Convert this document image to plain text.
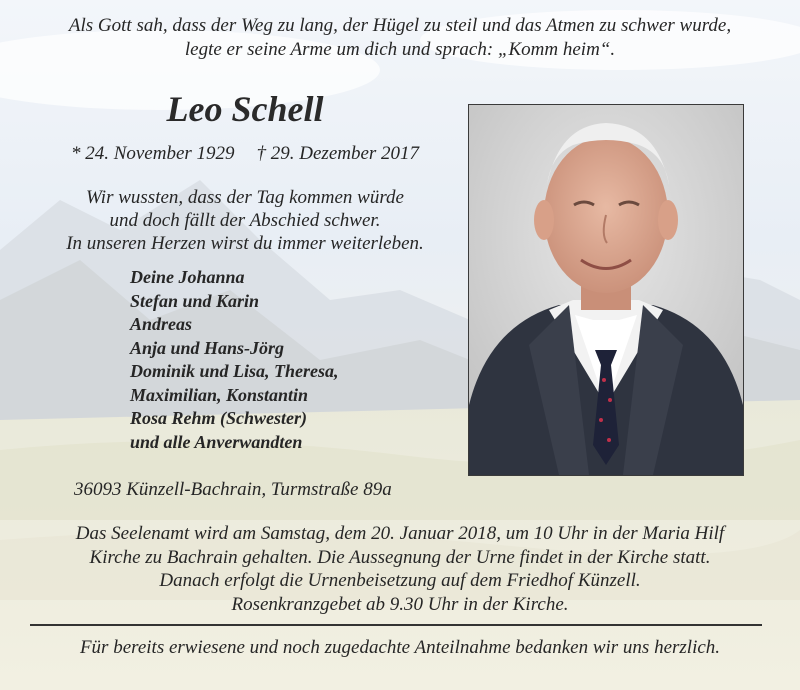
Als Gott sah, dass der Weg zu lang, der Hügel zu steil und das Atmen zu schwer wurde,
legte er seine Arme um dich und sprach: „Komm heim“.
Leo Schell
* 24. November 1929 † 29. Dezember 2017
Wir wussten, dass der Tag kommen würde
und doch fällt der Abschied schwer.
In unseren Herzen wirst du immer weiterleben.
Deine Johanna
Stefan und Karin
Andreas
Anja und Hans-Jörg
Dominik und Lisa, Theresa,
Maximilian, Konstantin
Rosa Rehm (Schwester)
und alle Anverwandten
36093 Künzell-Bachrain, Turmstraße 89a
Das Seelenamt wird am Samstag, dem 20. Januar 2018, um 10 Uhr in der Maria Hilf
Kirche zu Bachrain gehalten. Die Aussegnung der Urne findet in der Kirche statt.
Danach erfolgt die Urnenbeisetzung auf dem Friedhof Künzell.
Rosenkranzgebet ab 9.30 Uhr in der Kirche.
Für bereits erwiesene und noch zugedachte Anteilnahme bedanken wir uns herzlich.
